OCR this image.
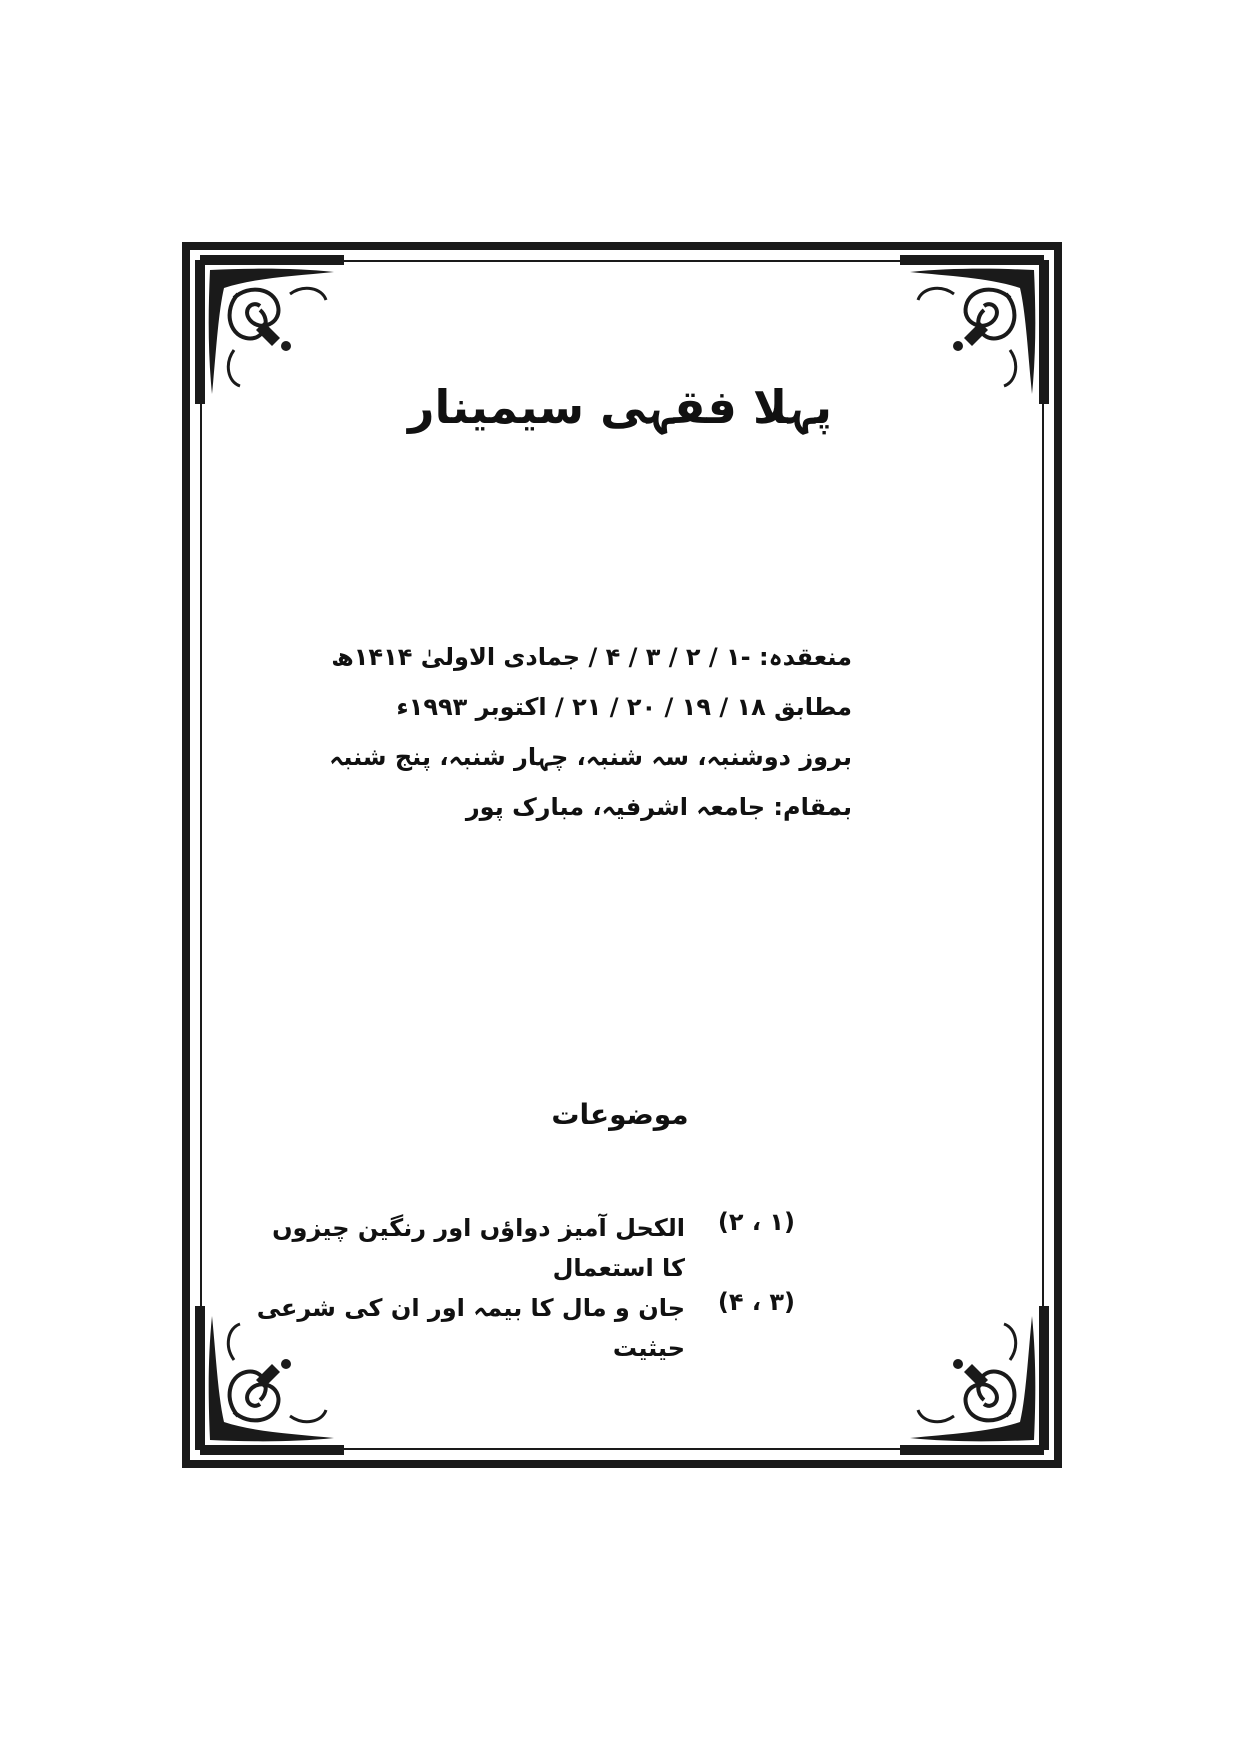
پہلا فقہی سیمینار
منعقدہ: -۱ / ۲ / ۳ / ۴ / جمادی الاولیٰ ۱۴۱۴ھ
مطابق ۱۸ / ۱۹ / ۲۰ / ۲۱ / اکتوبر ۱۹۹۳ء
بروز دوشنبہ، سہ شنبہ، چہار شنبہ، پنج شنبہ
بمقام: جامعہ اشرفیہ، مبارک پور
موضوعات
(۱ ، ۲)
الکحل آمیز دواؤں اور رنگین چیزوں کا استعمال
(۳ ، ۴)
جان و مال کا بیمہ اور ان کی شرعی حیثیت
